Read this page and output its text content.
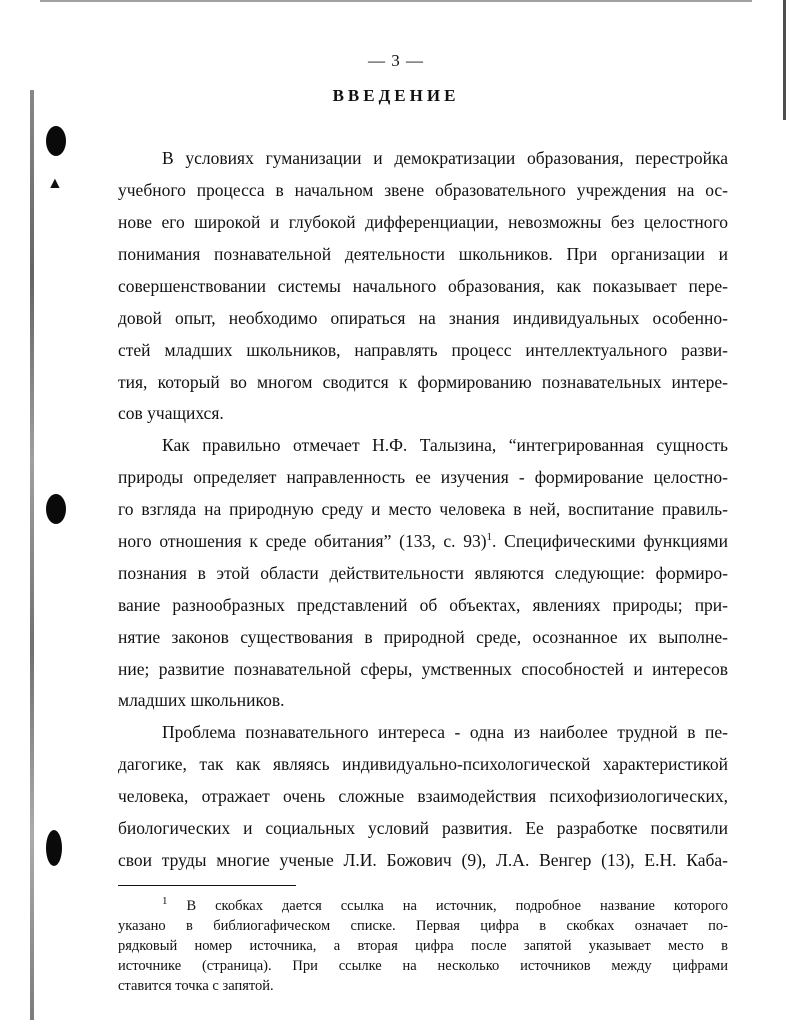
▲
— 3 —
ВВЕДЕНИЕ
В условиях гуманизации и демократизации образования, перестройка
учебного процесса в начальном звене образовательного учреждения на ос-
нове его широкой и глубокой дифференциации, невозможны без целостного
понимания познавательной деятельности школьников. При организации и
совершенствовании системы начального образования, как показывает пере-
довой опыт, необходимо опираться на знания индивидуальных особенно-
стей младших школьников, направлять процесс интеллектуального разви-
тия, который во многом сводится к формированию познавательных интере-
сов учащихся.
Как правильно отмечает Н.Ф. Талызина, “интегрированная сущность
природы определяет направленность ее изучения - формирование целостно-
го взгляда на природную среду и место человека в ней, воспитание правиль-
ного отношения к среде обитания” (133, с. 93)$^1$. Специфическими функциями
познания в этой области действительности являются следующие: формиро-
вание разнообразных представлений об объектах, явлениях природы; при-
нятие законов существования в природной среде, осознанное их выполне-
ние; развитие познавательной сферы, умственных способностей и интересов
младших школьников.
Проблема познавательного интереса - одна из наиболее трудной в пе-
дагогике, так как являясь индивидуально-психологической характеристикой
человека, отражает очень сложные взаимодействия психофизиологических,
биологических и социальных условий развития. Ее разработке посвятили
свои труды многие ученые Л.И. Божович (9), Л.А. Венгер (13), Е.Н. Каба-
$^1$ В скобках дается ссылка на источник, подробное название которого
указано в библиогафическом списке. Первая цифра в скобках означает по-
рядковый номер источника, а вторая цифра после запятой указывает место в
источнике (страница). При ссылке на несколько источников между цифрами
ставится точка с запятой.
